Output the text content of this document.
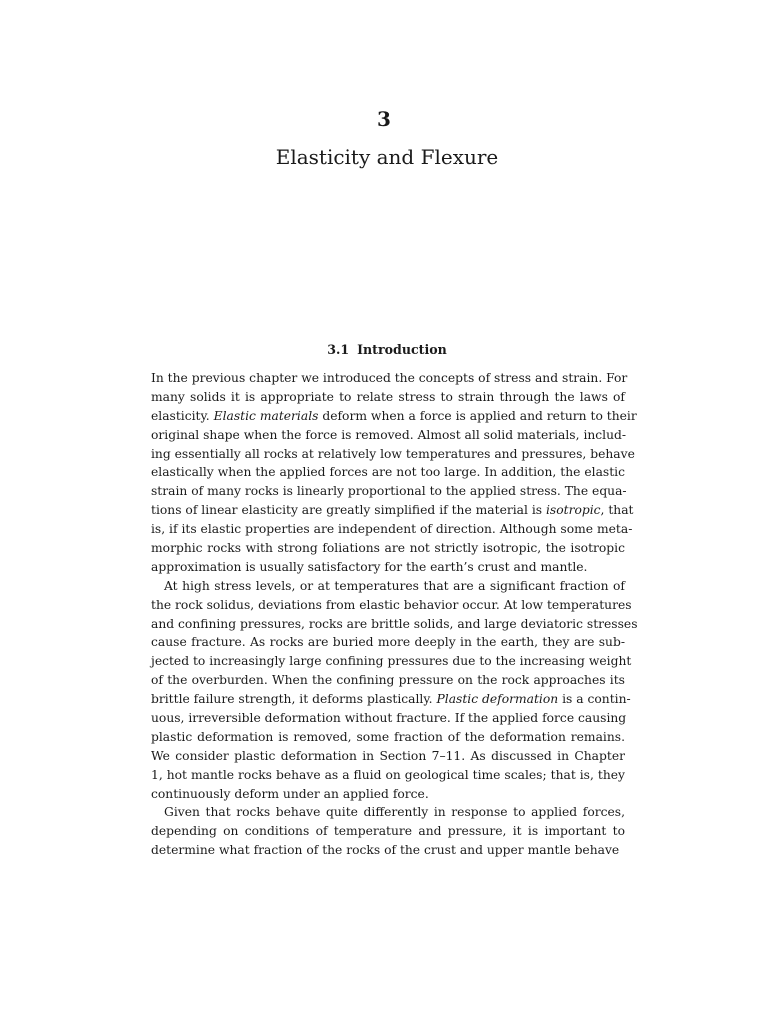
3
Elasticity and Flexure
3.1 Introduction
In the previous chapter we introduced the concepts of stress and strain. For
many solids it is appropriate to relate stress to strain through the laws of
elasticity. Elastic materials deform when a force is applied and return to their
original shape when the force is removed. Almost all solid materials, includ-
ing essentially all rocks at relatively low temperatures and pressures, behave
elastically when the applied forces are not too large. In addition, the elastic
strain of many rocks is linearly proportional to the applied stress. The equa-
tions of linear elasticity are greatly simplified if the material is isotropic, that
is, if its elastic properties are independent of direction. Although some meta-
morphic rocks with strong foliations are not strictly isotropic, the isotropic
approximation is usually satisfactory for the earth’s crust and mantle.
At high stress levels, or at temperatures that are a significant fraction of
the rock solidus, deviations from elastic behavior occur. At low temperatures
and confining pressures, rocks are brittle solids, and large deviatoric stresses
cause fracture. As rocks are buried more deeply in the earth, they are sub-
jected to increasingly large confining pressures due to the increasing weight
of the overburden. When the confining pressure on the rock approaches its
brittle failure strength, it deforms plastically. Plastic deformation is a contin-
uous, irreversible deformation without fracture. If the applied force causing
plastic deformation is removed, some fraction of the deformation remains.
We consider plastic deformation in Section 7–11. As discussed in Chapter
1, hot mantle rocks behave as a fluid on geological time scales; that is, they
continuously deform under an applied force.
Given that rocks behave quite differently in response to applied forces,
depending on conditions of temperature and pressure, it is important to
determine what fraction of the rocks of the crust and upper mantle behave
